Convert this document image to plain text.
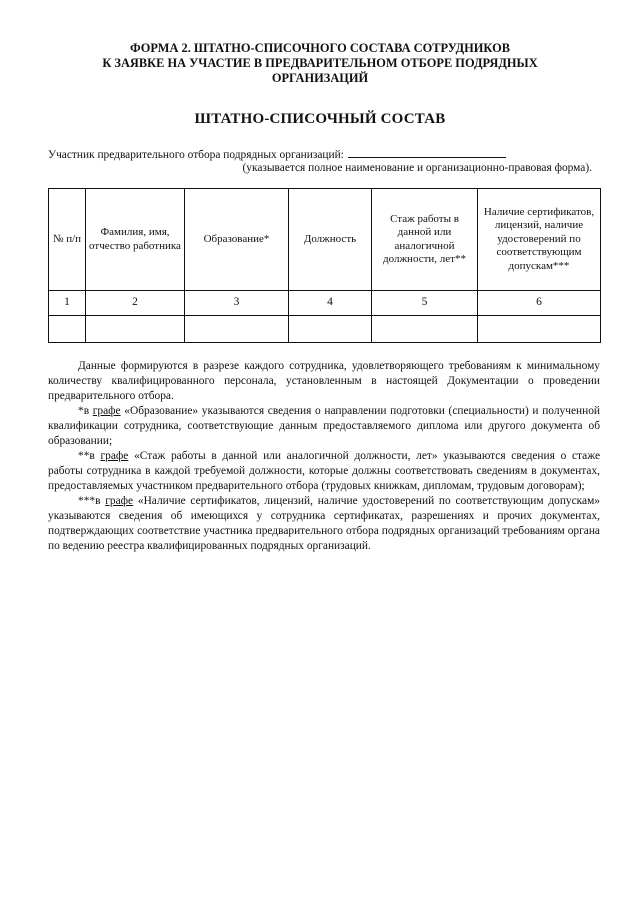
ФОРМА 2. ШТАТНО-СПИСОЧНОГО СОСТАВА СОТРУДНИКОВ
К ЗАЯВКЕ НА УЧАСТИЕ В ПРЕДВАРИТЕЛЬНОМ ОТБОРЕ ПОДРЯДНЫХ
ОРГАНИЗАЦИЙ
ШТАТНО-СПИСОЧНЫЙ СОСТАВ
Участник предварительного отбора подрядных организаций:
(указывается полное наименование и организационно-правовая форма).
№ п/п	Фамилия, имя, отчество работника	Образование*	Должность	Стаж работы в данной или аналогичной должности, лет**	Наличие сертификатов, лицензий, наличие удостоверений по соответствующим допускам***
1	2	3	4	5	6

Данные формируются в разрезе каждого сотрудника, удовлетворяющего требованиям к минимальному количеству квалифицированного персонала, установленным в настоящей Документации о проведении предварительного отбора.

*в графе «Образование» указываются сведения о направлении подготовки (специальности) и полученной квалификации сотрудника, соответствующие данным предоставляемого диплома или другого документа об образовании;

**в графе «Стаж работы в данной или аналогичной должности, лет» указываются сведения о стаже работы сотрудника в каждой требуемой должности, которые должны соответствовать сведениям в документах, предоставляемых участником предварительного отбора (трудовых книжкам, дипломам, трудовым договорам);

***в графе «Наличие сертификатов, лицензий, наличие удостоверений по соответствующим допускам» указываются сведения об имеющихся у сотрудника сертификатах, разрешениях и прочих документах, подтверждающих соответствие участника предварительного отбора подрядных организаций требованиям органа по ведению реестра квалифицированных подрядных организаций.
